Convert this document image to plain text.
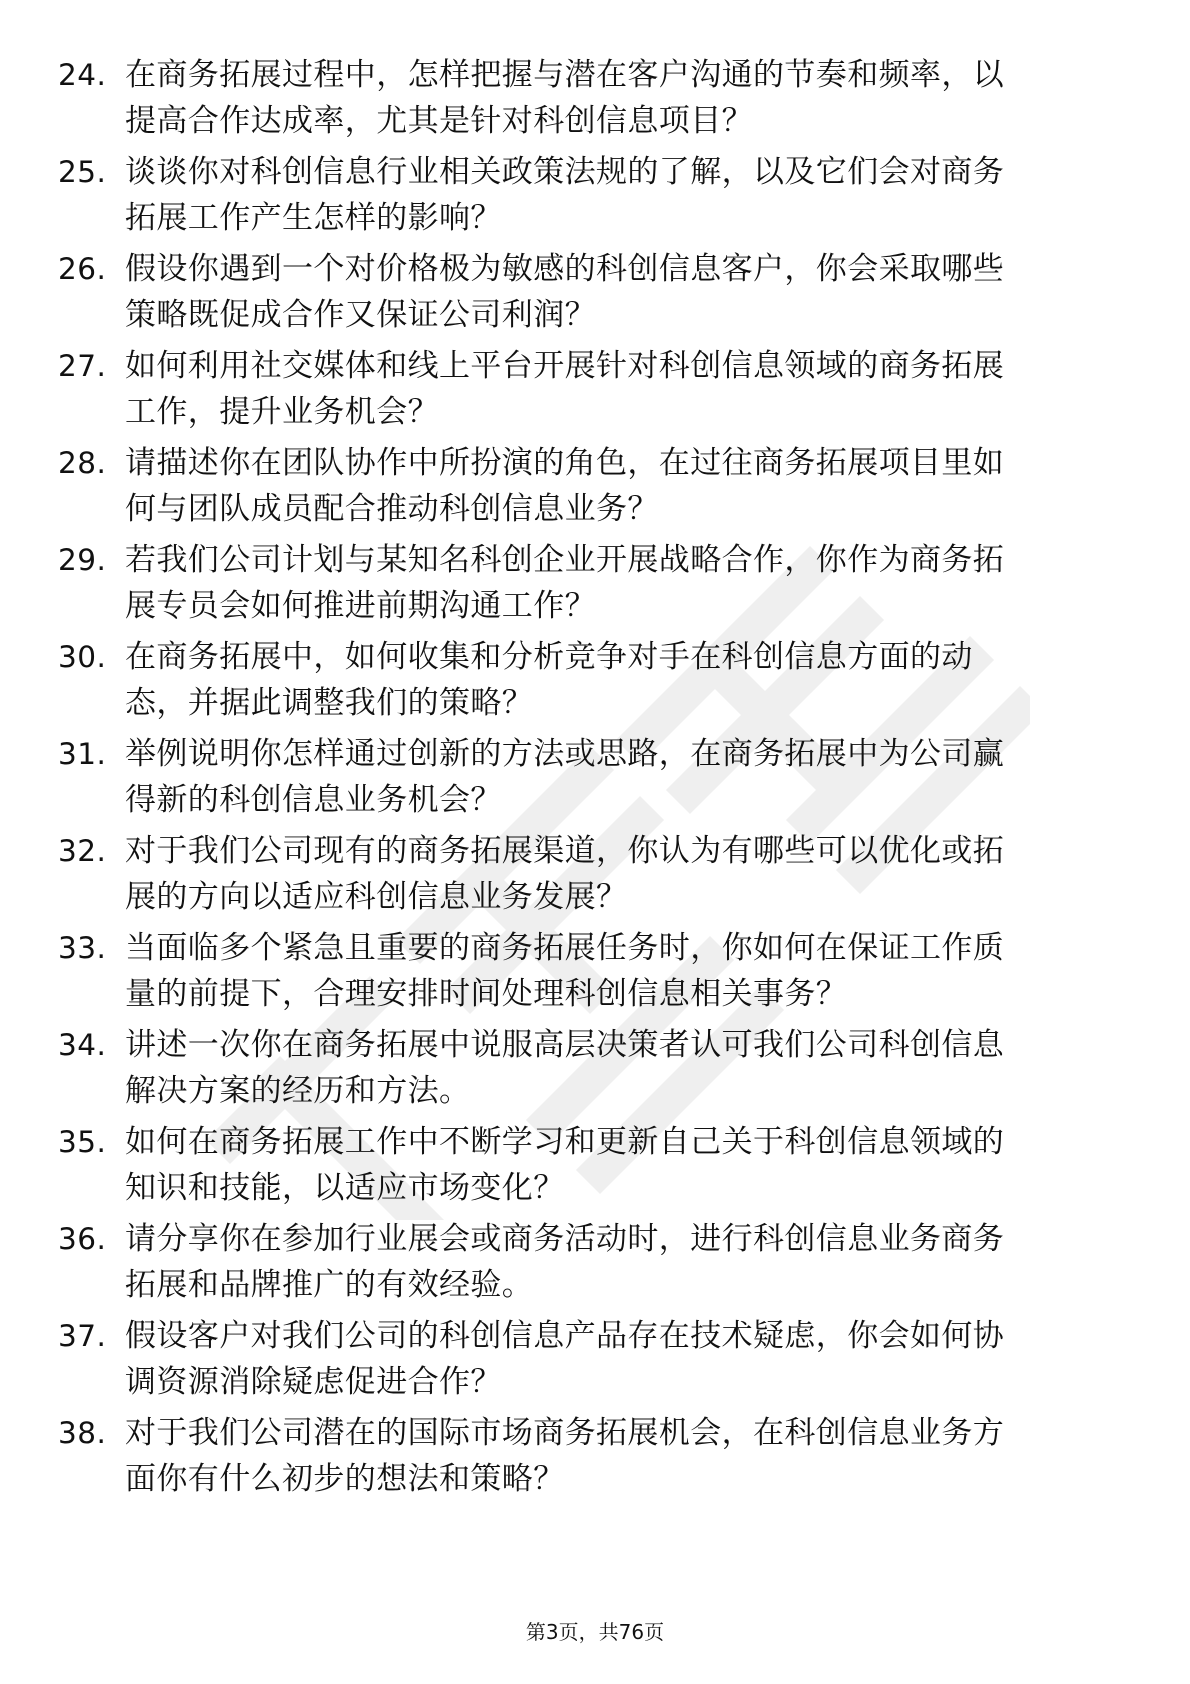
24. 在商务拓展过程中，怎样把握与潜在客户沟通的节奏和频率，以
提高合作达成率，尤其是针对科创信息项目？
25. 谈谈你对科创信息行业相关政策法规的了解，以及它们会对商务
拓展工作产生怎样的影响？
26. 假设你遇到一个对价格极为敏感的科创信息客户，你会采取哪些
策略既促成合作又保证公司利润？
27. 如何利用社交媒体和线上平台开展针对科创信息领域的商务拓展
工作，提升业务机会？
28. 请描述你在团队协作中所扮演的角色，在过往商务拓展项目里如
何与团队成员配合推动科创信息业务？
29. 若我们公司计划与某知名科创企业开展战略合作，你作为商务拓
展专员会如何推进前期沟通工作？
30. 在商务拓展中，如何收集和分析竞争对手在科创信息方面的动
态，并据此调整我们的策略？
31. 举例说明你怎样通过创新的方法或思路，在商务拓展中为公司赢
得新的科创信息业务机会？
32. 对于我们公司现有的商务拓展渠道，你认为有哪些可以优化或拓
展的方向以适应科创信息业务发展？
33. 当面临多个紧急且重要的商务拓展任务时，你如何在保证工作质
量的前提下，合理安排时间处理科创信息相关事务？
34. 讲述一次你在商务拓展中说服高层决策者认可我们公司科创信息
解决方案的经历和方法。
35. 如何在商务拓展工作中不断学习和更新自己关于科创信息领域的
知识和技能，以适应市场变化？
36. 请分享你在参加行业展会或商务活动时，进行科创信息业务商务
拓展和品牌推广的有效经验。
37. 假设客户对我们公司的科创信息产品存在技术疑虑，你会如何协
调资源消除疑虑促进合作？
38. 对于我们公司潜在的国际市场商务拓展机会，在科创信息业务方
面你有什么初步的想法和策略？
第3页，共76页
